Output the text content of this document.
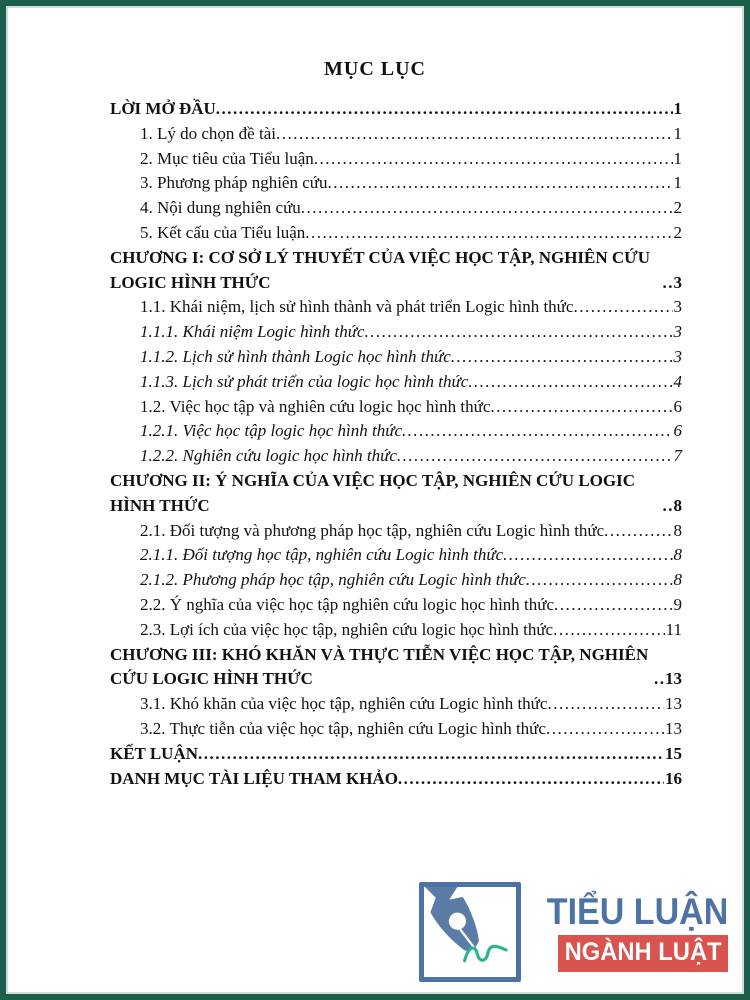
MỤC LỤC
LỜI MỞ ĐẦU .....	1
1. Lý do chọn đề tài .....	1
2. Mục tiêu của Tiểu luận .....	1
3. Phương pháp nghiên cứu .....	1
4. Nội dung nghiên cứu .....	2
5. Kết cấu của Tiểu luận .....	2
CHƯƠNG I: CƠ SỞ LÝ THUYẾT CỦA VIỆC HỌC TẬP, NGHIÊN CỨU LOGIC HÌNH THỨC .....	3
1.1. Khái niệm, lịch sử hình thành và phát triển Logic hình thức .....	3
1.1.1. Khái niệm Logic hình thức .....	3
1.1.2. Lịch sử hình thành Logic học hình thức .....	3
1.1.3. Lịch sử phát triển của logic học hình thức .....	4
1.2. Việc học tập và nghiên cứu logic học hình thức .....	6
1.2.1. Việc học tập logic học hình thức .....	6
1.2.2. Nghiên cứu logic học hình thức .....	7
CHƯƠNG II: Ý NGHĨA CỦA VIỆC HỌC TẬP, NGHIÊN CỨU LOGIC HÌNH THỨC .....	8
2.1. Đối tượng và phương pháp học tập, nghiên cứu Logic hình thức .....	8
2.1.1. Đối tượng học tập, nghiên cứu Logic hình thức .....	8
2.1.2. Phương pháp học tập, nghiên cứu Logic hình thức .....	8
2.2. Ý nghĩa của việc học tập nghiên cứu logic học hình thức .....	9
2.3. Lợi ích của việc học tập, nghiên cứu logic học hình thức .....	11
CHƯƠNG III: KHÓ KHĂN VÀ THỰC TIỄN VIỆC HỌC TẬP, NGHIÊN CỨU LOGIC HÌNH THỨC .....	13
3.1. Khó khăn của việc học tập, nghiên cứu Logic hình thức .....	13
3.2. Thực tiễn của việc học tập, nghiên cứu Logic hình thức .....	13
KẾT LUẬN .....	15
DANH MỤC TÀI LIỆU THAM KHẢO .....	16
TIỂU LUẬN
NGÀNH LUẬT
